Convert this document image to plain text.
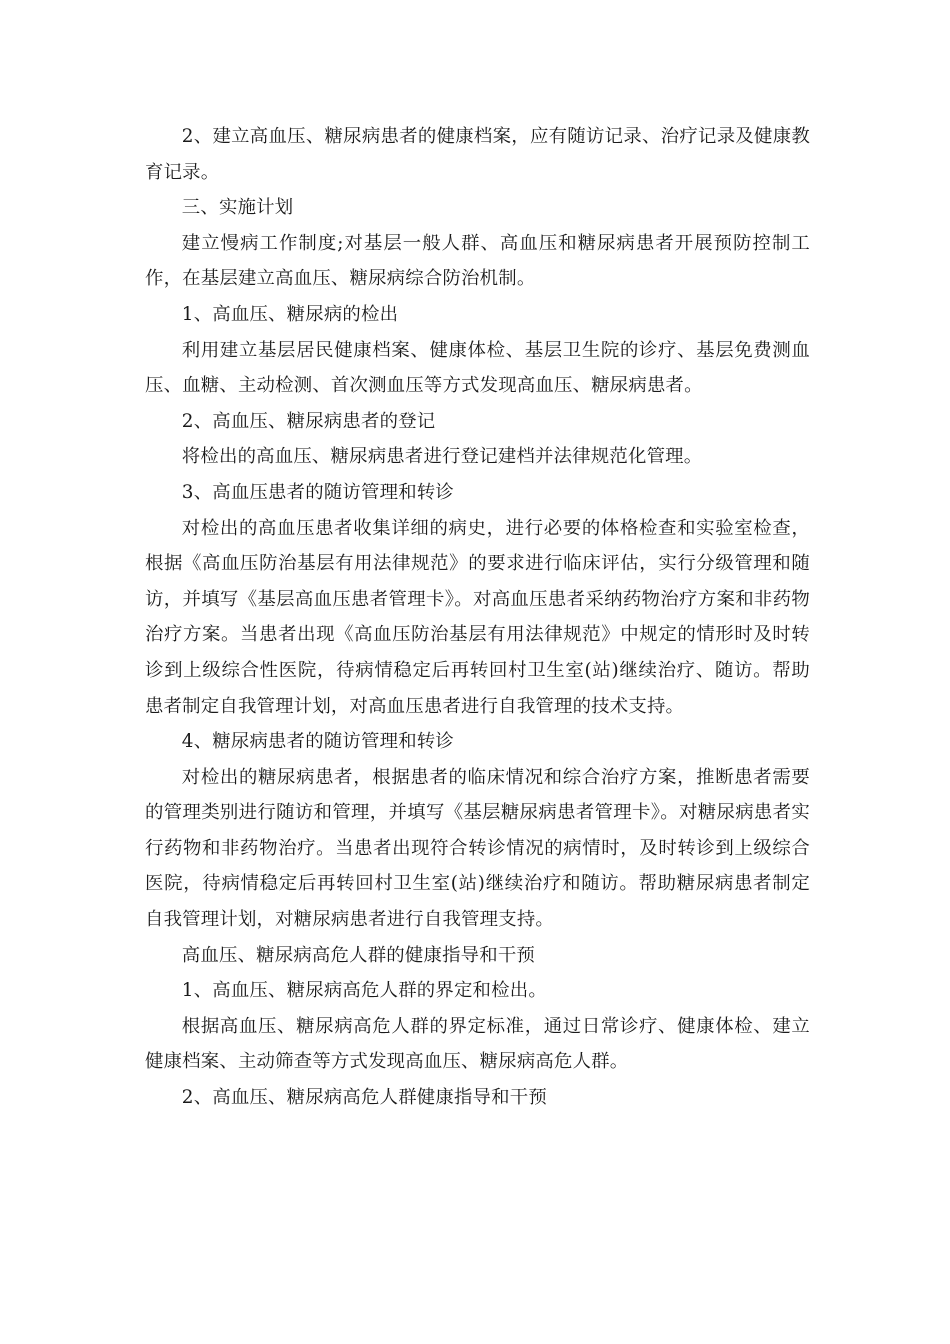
2、建立高血压、糖尿病患者的健康档案，应有随访记录、治疗记录及健康教育记录。

三、实施计划

建立慢病工作制度;对基层一般人群、高血压和糖尿病患者开展预防控制工作，在基层建立高血压、糖尿病综合防治机制。

1、高血压、糖尿病的检出

利用建立基层居民健康档案、健康体检、基层卫生院的诊疗、基层免费测血压、血糖、主动检测、首次测血压等方式发现高血压、糖尿病患者。

2、高血压、糖尿病患者的登记

将检出的高血压、糖尿病患者进行登记建档并法律规范化管理。

3、高血压患者的随访管理和转诊

对检出的高血压患者收集详细的病史，进行必要的体格检查和实验室检查，根据《高血压防治基层有用法律规范》的要求进行临床评估，实行分级管理和随访，并填写《基层高血压患者管理卡》。对高血压患者采纳药物治疗方案和非药物治疗方案。当患者出现《高血压防治基层有用法律规范》中规定的情形时及时转诊到上级综合性医院，待病情稳定后再转回村卫生室(站)继续治疗、随访。帮助患者制定自我管理计划，对高血压患者进行自我管理的技术支持。

4、糖尿病患者的随访管理和转诊

对检出的糖尿病患者，根据患者的临床情况和综合治疗方案，推断患者需要的管理类别进行随访和管理，并填写《基层糖尿病患者管理卡》。对糖尿病患者实行药物和非药物治疗。当患者出现符合转诊情况的病情时，及时转诊到上级综合医院，待病情稳定后再转回村卫生室(站)继续治疗和随访。帮助糖尿病患者制定自我管理计划，对糖尿病患者进行自我管理支持。

高血压、糖尿病高危人群的健康指导和干预

1、高血压、糖尿病高危人群的界定和检出。

根据高血压、糖尿病高危人群的界定标准，通过日常诊疗、健康体检、建立健康档案、主动筛查等方式发现高血压、糖尿病高危人群。

2、高血压、糖尿病高危人群健康指导和干预
